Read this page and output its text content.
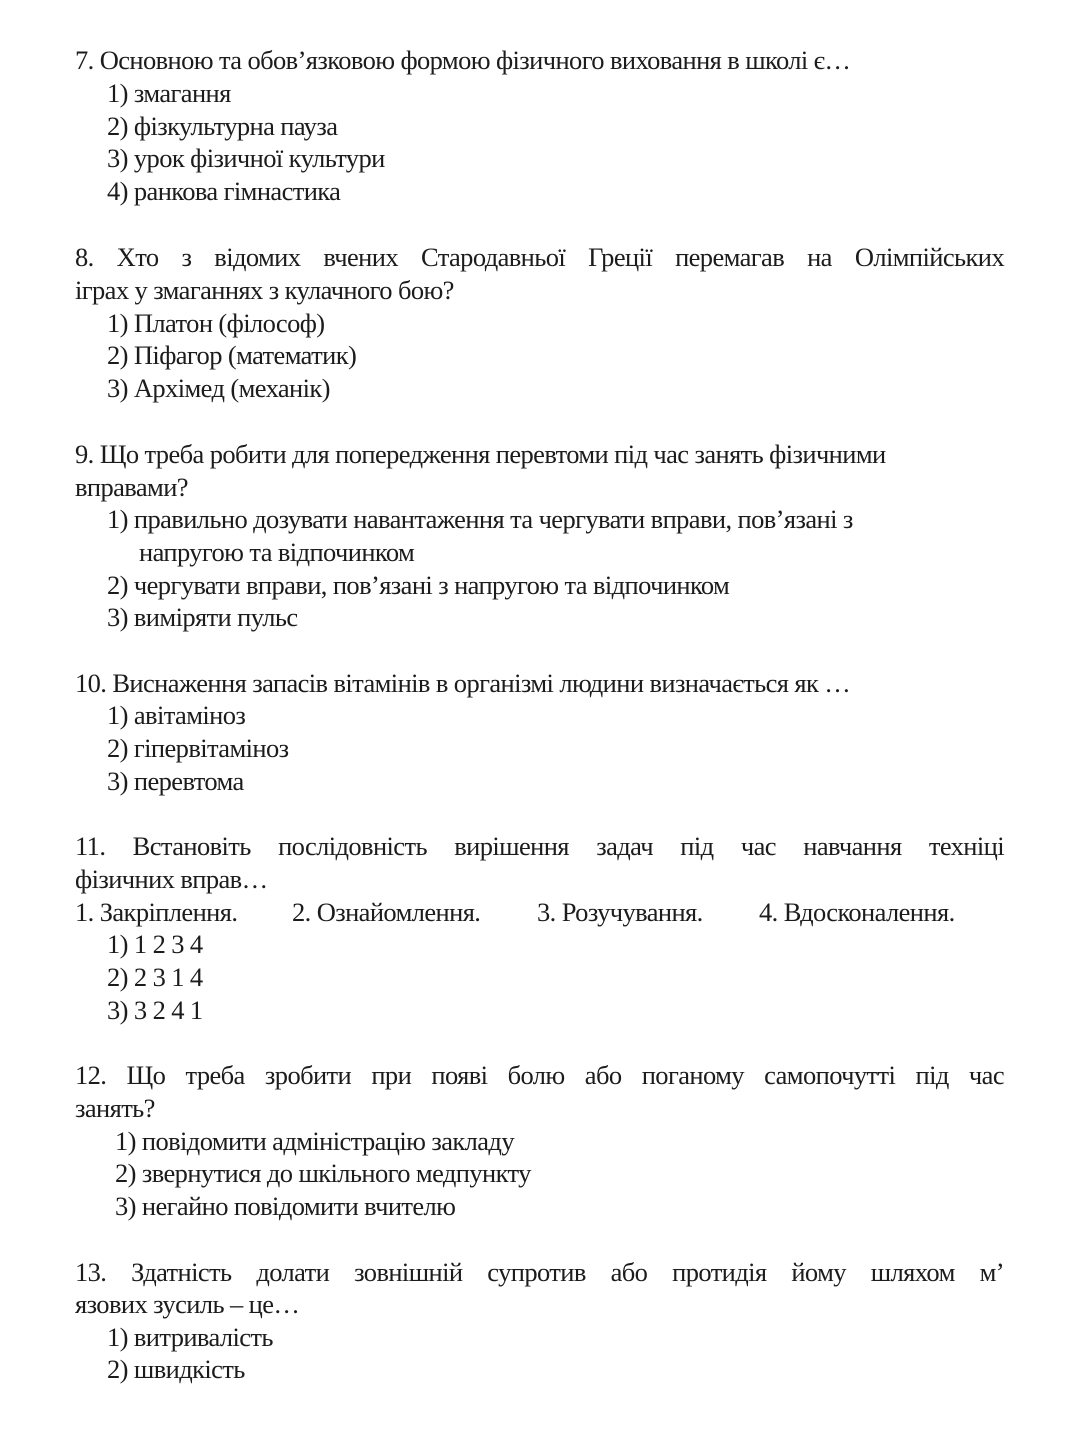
7. Основною та обов’язковою формою фізичного виховання в школі є…
1) змагання
2) фізкультурна пауза
3) урок фізичної культури
4) ранкова гімнастика
8. Хто з відомих вчених Стародавньої Греції перемагав на Олімпійських
іграх у змаганнях з кулачного бою?
1) Платон (філософ)
2) Піфагор (математик)
3) Архімед (механік)
9. Що треба робити для попередження перевтоми під час занять фізичними
вправами?
1) правильно дозувати навантаження та чергувати вправи, пов’язані з
напругою та відпочинком
2) чергувати вправи, пов’язані з напругою та відпочинком
3) виміряти пульс
10. Виснаження запасів вітамінів в організмі людини визначається як …
1) авітаміноз
2) гіпервітаміноз
3) перевтома
11. Встановіть послідовність вирішення задач під час навчання техніці
фізичних вправ…
1. Закріплення. 2. Ознайомлення. 3. Розучування. 4. Вдосконалення.
1) 1 2 3 4
2) 2 3 1 4
3) 3 2 4 1
12. Що треба зробити при появі болю або поганому самопочутті під час
занять?
1) повідомити адміністрацію закладу
2) звернутися до шкільного медпункту
3) негайно повідомити вчителю
13. Здатність долати зовнішній супротив або протидія йому шляхом м’
язових зусиль – це…
1) витривалість
2) швидкість
